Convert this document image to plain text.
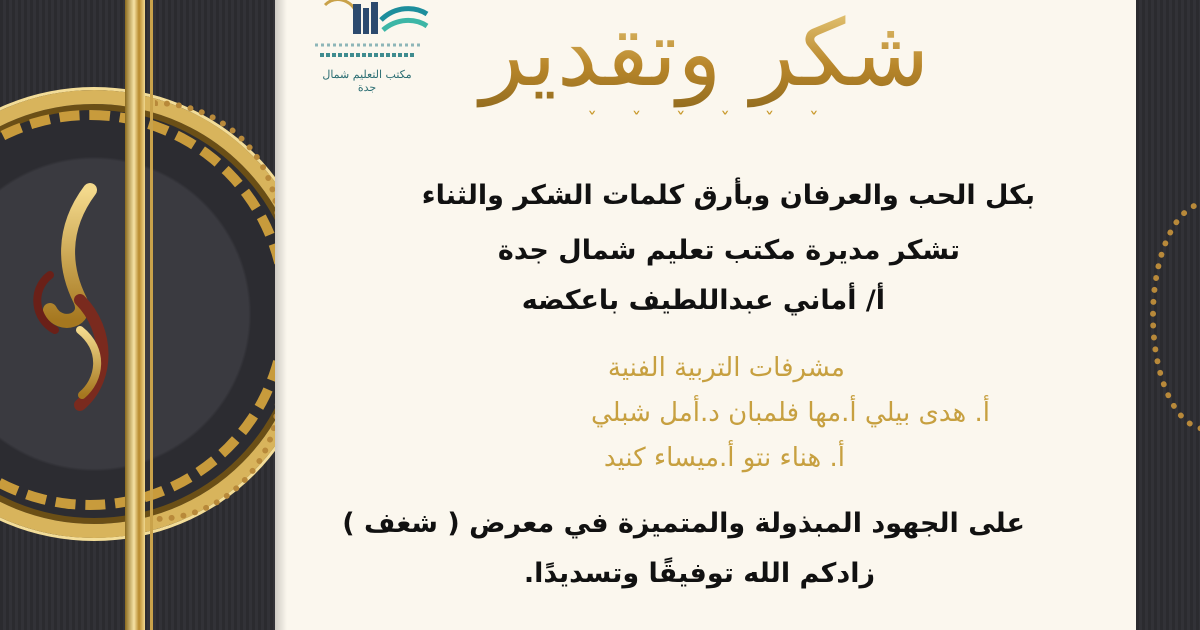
مكتب التعليم شمال جدة	شكر وتقدير
ˇ ˇ ˇ ˇ ˇ ˇ
بكل الحب والعرفان وبأرق كلمات الشكر والثناء
تشكر مديرة مكتب تعليم شمال جدة
أ/ أماني عبداللطيف باعكضه
مشرفات التربية الفنية
أ. هدى بيلي أ.مها فلمبان د.أمل شبلي
أ. هناء نتو أ.ميساء كنيد
على الجهود المبذولة والمتميزة في معرض ( شغف )
زادكم الله توفيقًا وتسديدًا.
